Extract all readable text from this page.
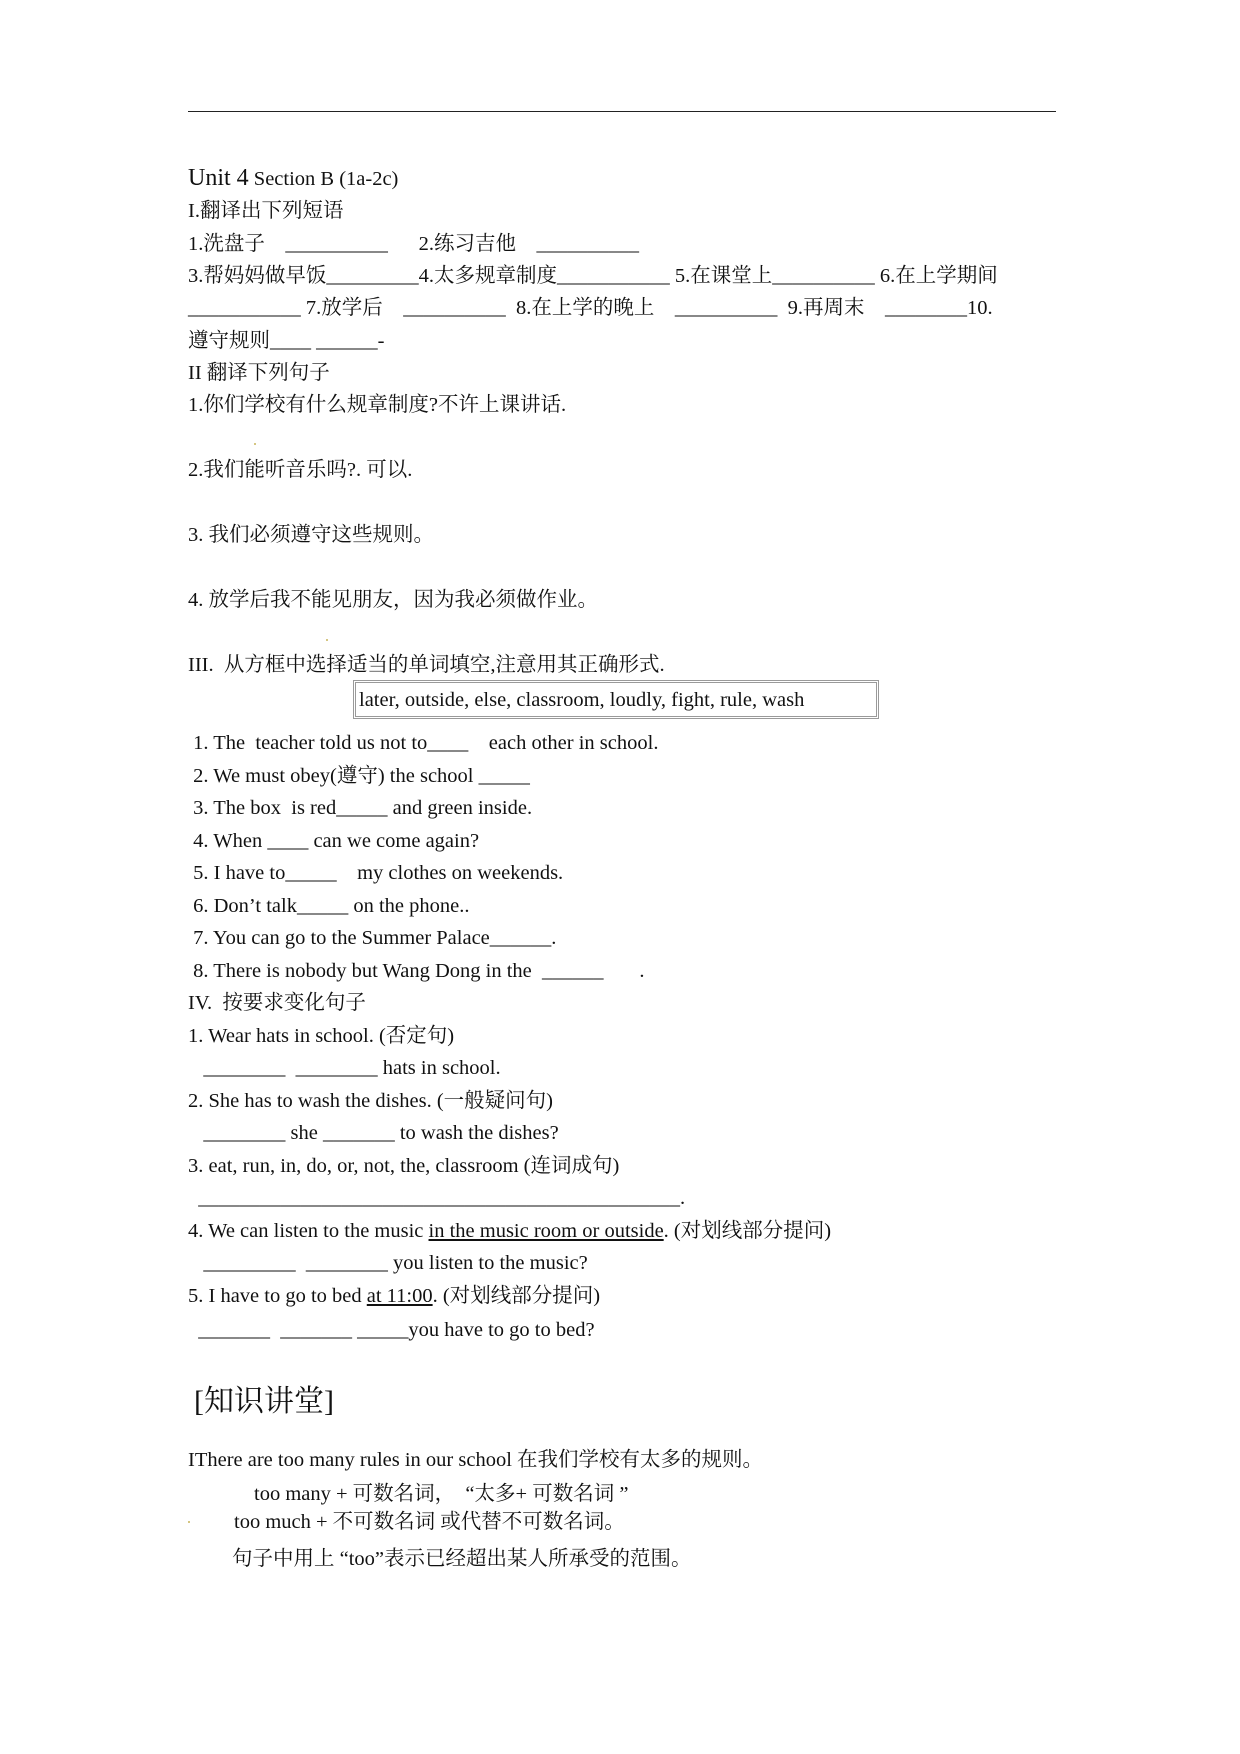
Unit 4 Section B (1a-2c)
I.翻译出下列短语
1.洗盘子    __________      2.练习吉他    __________
3.帮妈妈做早饭_________4.太多规章制度___________ 5.在课堂上__________ 6.在上学期间
___________ 7.放学后    __________  8.在上学的晚上    __________  9.再周末    ________10.
遵守规则____ ______-
II 翻译下列句子
1.你们学校有什么规章制度?不许上课讲话.
2.我们能听音乐吗?. 可以.
3. 我们必须遵守这些规则。
4. 放学后我不能见朋友，因为我必须做作业。
III.  从方框中选择适当的单词填空,注意用其正确形式.
later, outside, else, classroom, loudly, fight, rule, wash
1. The  teacher told us not to____    each other in school.
2. We must obey(遵守) the school _____
3. The box  is red_____ and green inside.
4. When ____ can we come again?
5. I have to_____    my clothes on weekends.
6. Don’t talk_____ on the phone..
7. You can go to the Summer Palace______.
8. There is nobody but Wang Dong in the  ______       .
IV.  按要求变化句子
1. Wear hats in school. (否定句)
________  ________ hats in school.
2. She has to wash the dishes. (一般疑问句)
________ she _______ to wash the dishes?
3. eat, run, in, do, or, not, the, classroom (连词成句)
_______________________________________________.
4. We can listen to the music in the music room or outside. (对划线部分提问)
_________  ________ you listen to the music?
5. I have to go to bed at 11:00. (对划线部分提问)
_______  _______ _____you have to go to bed?
[知识讲堂]
IThere are too many rules in our school 在我们学校有太多的规则。
too many + 可数名词，  “太多+ 可数名词 ”
too much + 不可数名词 或代替不可数名词。
句子中用上 “too”表示已经超出某人所承受的范围。
